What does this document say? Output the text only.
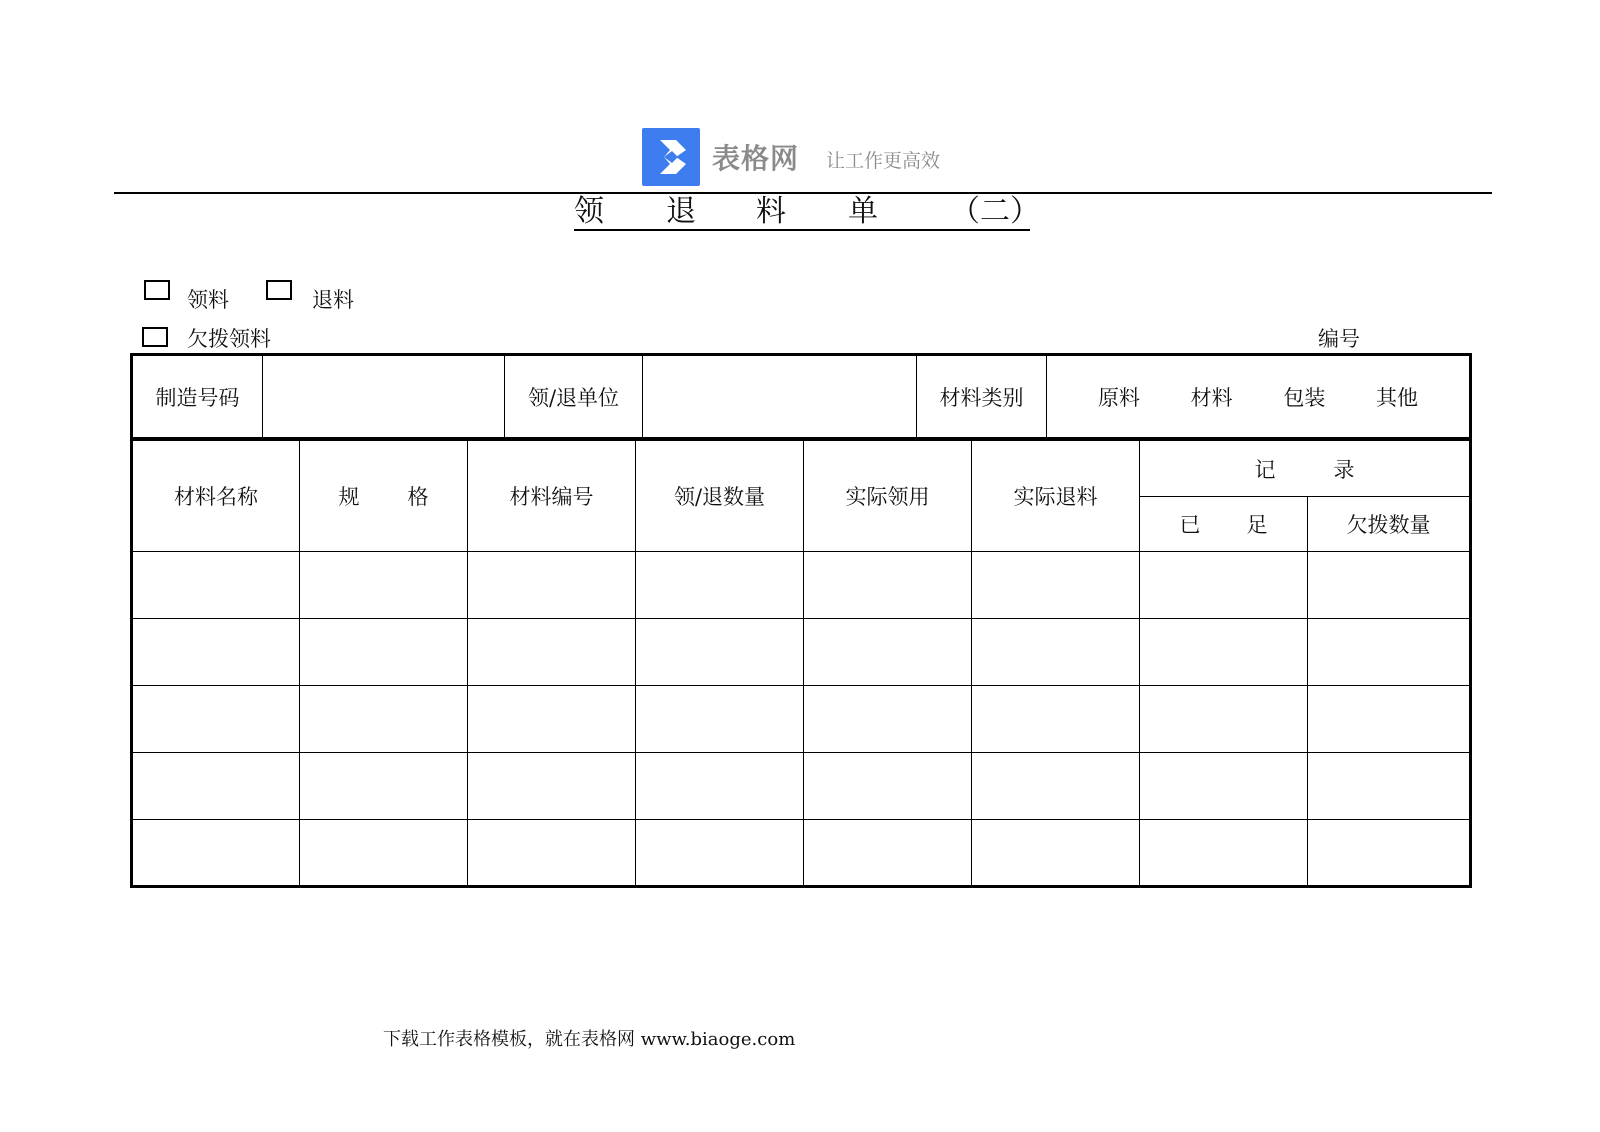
表格网 让工作更高效
领 退 料 单 （二）
领料	退料
欠拨领料	编号
制造号码		领/退单位		材料类别	原料 材料 包装 其他
材料名称	规 格	材料编号	领/退数量	实际领用	实际退料	记 录	
						已 足	欠拨数量

下载工作表格模板，就在表格网 www.biaoge.com
